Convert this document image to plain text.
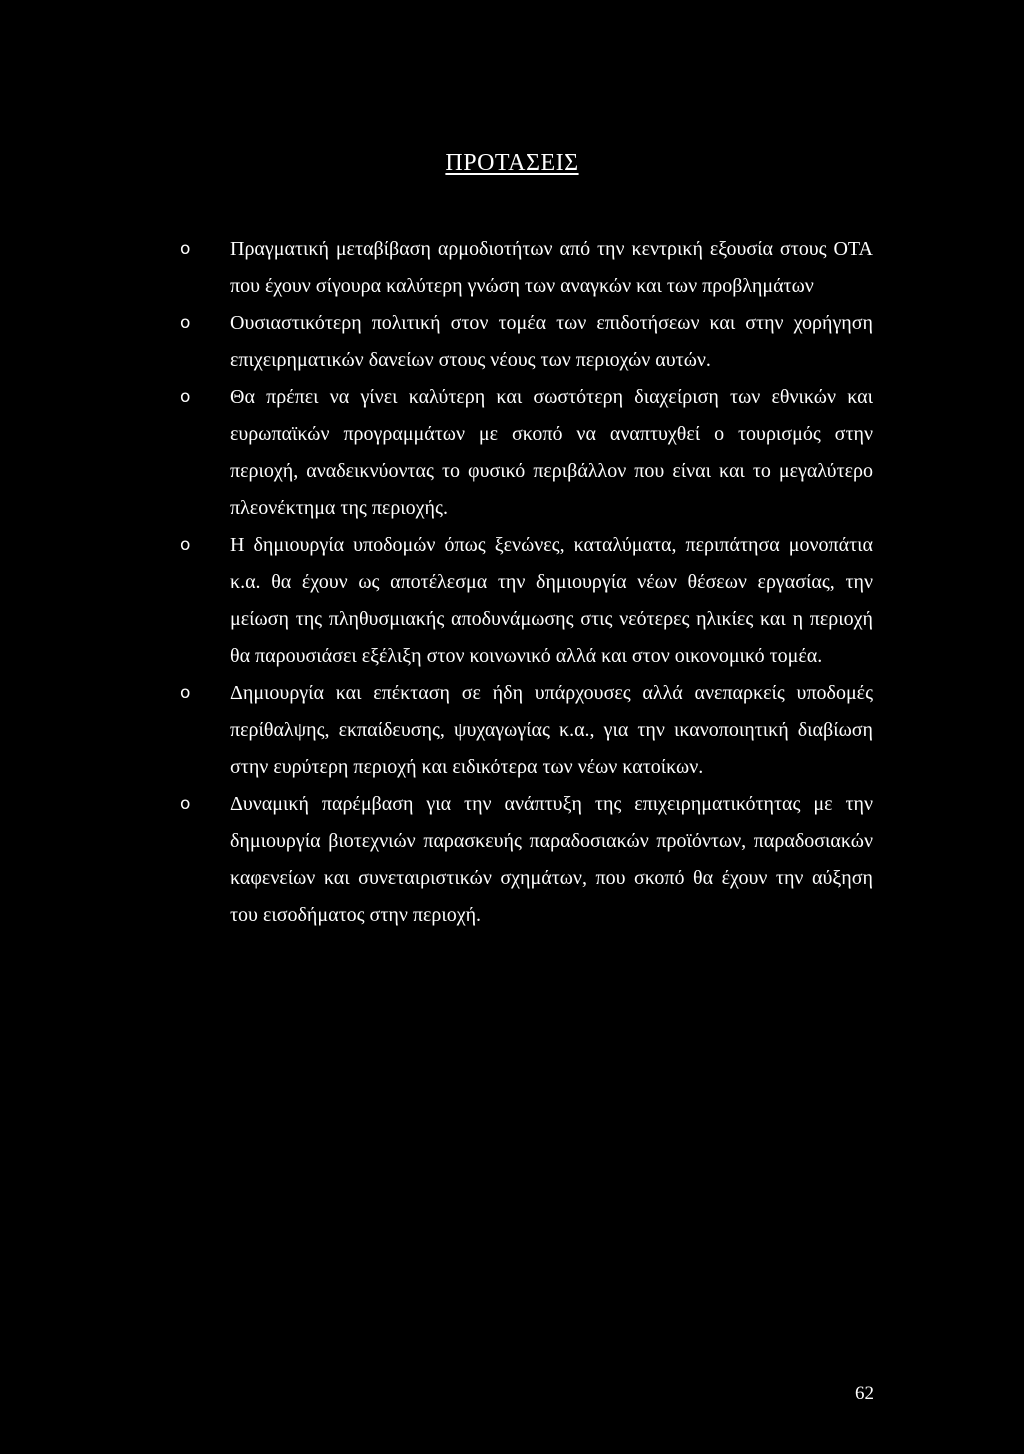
ΠΡΟΤΑΣΕΙΣ
o Πραγματική μεταβίβαση αρμοδιοτήτων από την κεντρική εξουσία στους ΟΤΑ που έχουν σίγουρα καλύτερη γνώση των αναγκών και των προβλημάτων
o Ουσιαστικότερη πολιτική στον τομέα των επιδοτήσεων και στην χορήγηση επιχειρηματικών δανείων στους νέους των περιοχών αυτών.
o Θα πρέπει να γίνει καλύτερη και σωστότερη διαχείριση των εθνικών και ευρωπαϊκών προγραμμάτων με σκοπό να αναπτυχθεί ο τουρισμός στην περιοχή, αναδεικνύοντας το φυσικό περιβάλλον που είναι και το μεγαλύτερο πλεονέκτημα της περιοχής.
o Η δημιουργία υποδομών όπως ξενώνες, καταλύματα, περιπάτησα μονοπάτια κ.α. θα έχουν ως αποτέλεσμα την δημιουργία νέων θέσεων εργασίας, την μείωση της πληθυσμιακής αποδυνάμωσης στις νεότερες ηλικίες και η περιοχή θα παρουσιάσει εξέλιξη στον κοινωνικό αλλά και στον οικονομικό τομέα.
o Δημιουργία και επέκταση σε ήδη υπάρχουσες αλλά ανεπαρκείς υποδομές περίθαλψης, εκπαίδευσης, ψυχαγωγίας κ.α., για την ικανοποιητική διαβίωση στην ευρύτερη περιοχή και ειδικότερα των νέων κατοίκων.
o Δυναμική παρέμβαση για την ανάπτυξη της επιχειρηματικότητας με την δημιουργία βιοτεχνιών παρασκευής παραδοσιακών προϊόντων, παραδοσιακών καφενείων και συνεταιριστικών σχημάτων, που σκοπό θα έχουν την αύξηση του εισοδήματος στην περιοχή.
62
